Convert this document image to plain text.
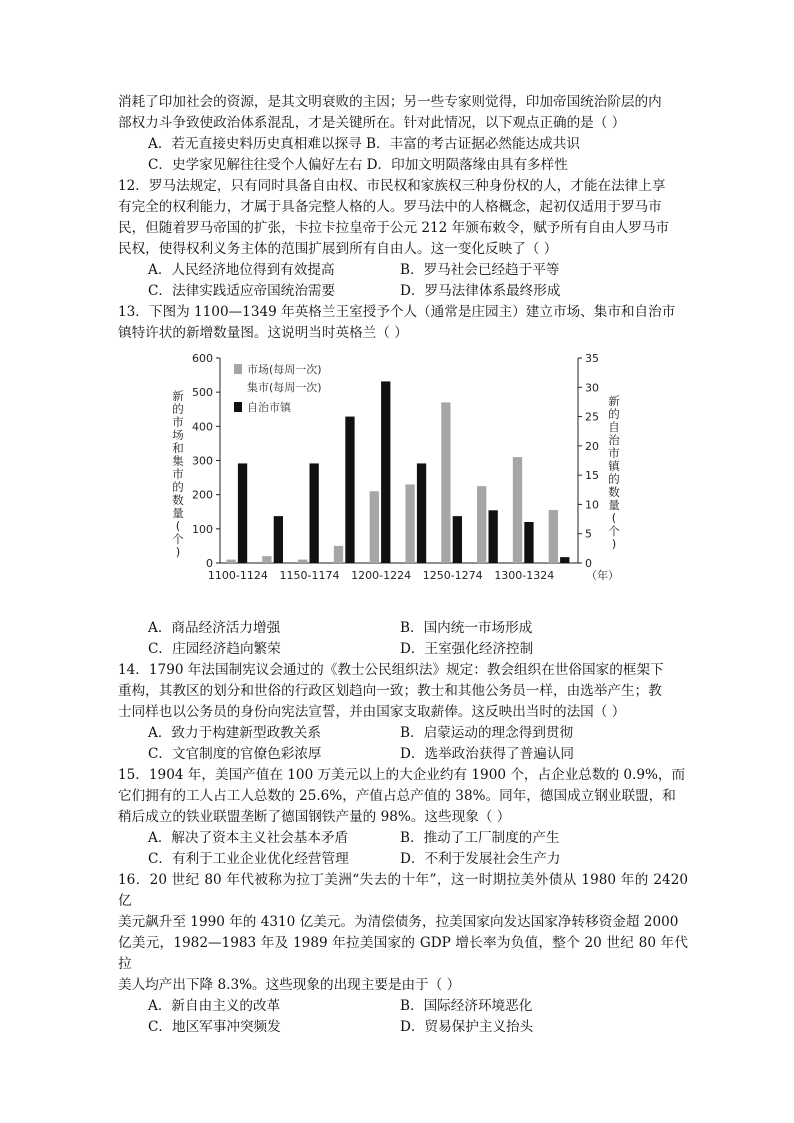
消耗了印加社会的资源，是其文明衰败的主因；另一些专家则觉得，印加帝国统治阶层的内

部权力斗争致使政治体系混乱，才是关键所在。针对此情况，以下观点正确的是（ ）

A．若无直接史料历史真相难以探寻 B．丰富的考古证据必然能达成共识

C．史学家见解往往受个人偏好左右 D．印加文明陨落缘由具有多样性

12．罗马法规定，只有同时具备自由权、市民权和家族权三种身份权的人，才能在法律上享

有完全的权利能力，才属于具备完整人格的人。罗马法中的人格概念，起初仅适用于罗马市

民，但随着罗马帝国的扩张，卡拉卡拉皇帝于公元 212 年颁布敕令，赋予所有自由人罗马市

民权，使得权利义务主体的范围扩展到所有自由人。这一变化反映了（ ）

A．人民经济地位得到有效提高	B．罗马社会已经趋于平等
C．法律实践适应帝国统治需要	D．罗马法律体系最终形成

13．下图为 1100—1349 年英格兰王室授予个人（通常是庄园主）建立市场、集市和自治市

镇特许状的新增数量图。这说明当时英格兰（ ）

0
100
200
300
400
500
600
0
5
10
15
20
25
30
35
1100-1124 1150-1174 1200-1224 1250-1274 1300-1324	（年）
市场(每周一次)
集市(每周一次)
自治市镇
新的市场和集市的数量(个)
新的自治市镇的数量(个)
A．商品经济活力增强	B．国内统一市场形成
C．庄园经济趋向繁荣	D．王室强化经济控制

14．1790 年法国制宪议会通过的《教士公民组织法》规定：教会组织在世俗国家的框架下

重构，其教区的划分和世俗的行政区划趋向一致；教士和其他公务员一样，由选举产生；教

士同样也以公务员的身份向宪法宣誓，并由国家支取薪俸。这反映出当时的法国（ ）

A．致力于构建新型政教关系	B．启蒙运动的理念得到贯彻
C．文官制度的官僚色彩浓厚	D．选举政治获得了普遍认同

15．1904 年，美国产值在 100 万美元以上的大企业约有 1900 个，占企业总数的 0.9%，而

它们拥有的工人占工人总数的 25.6%，产值占总产值的 38%。同年，德国成立钢业联盟，和

稍后成立的铁业联盟垄断了德国钢铁产量的 98%。这些现象（ ）

A．解决了资本主义社会基本矛盾	B．推动了工厂制度的产生
C．有利于工业企业优化经营管理	D．不利于发展社会生产力

16．20 世纪 80 年代被称为拉丁美洲“失去的十年”，这一时期拉美外债从 1980 年的 2420 亿

美元飙升至 1990 年的 4310 亿美元。为清偿债务，拉美国家向发达国家净转移资金超 2000

亿美元，1982—1983 年及 1989 年拉美国家的 GDP 增长率为负值，整个 20 世纪 80 年代拉

美人均产出下降 8.3%。这些现象的出现主要是由于（ ）

A．新自由主义的改革	B．国际经济环境恶化
C．地区军事冲突频发	D．贸易保护主义抬头
